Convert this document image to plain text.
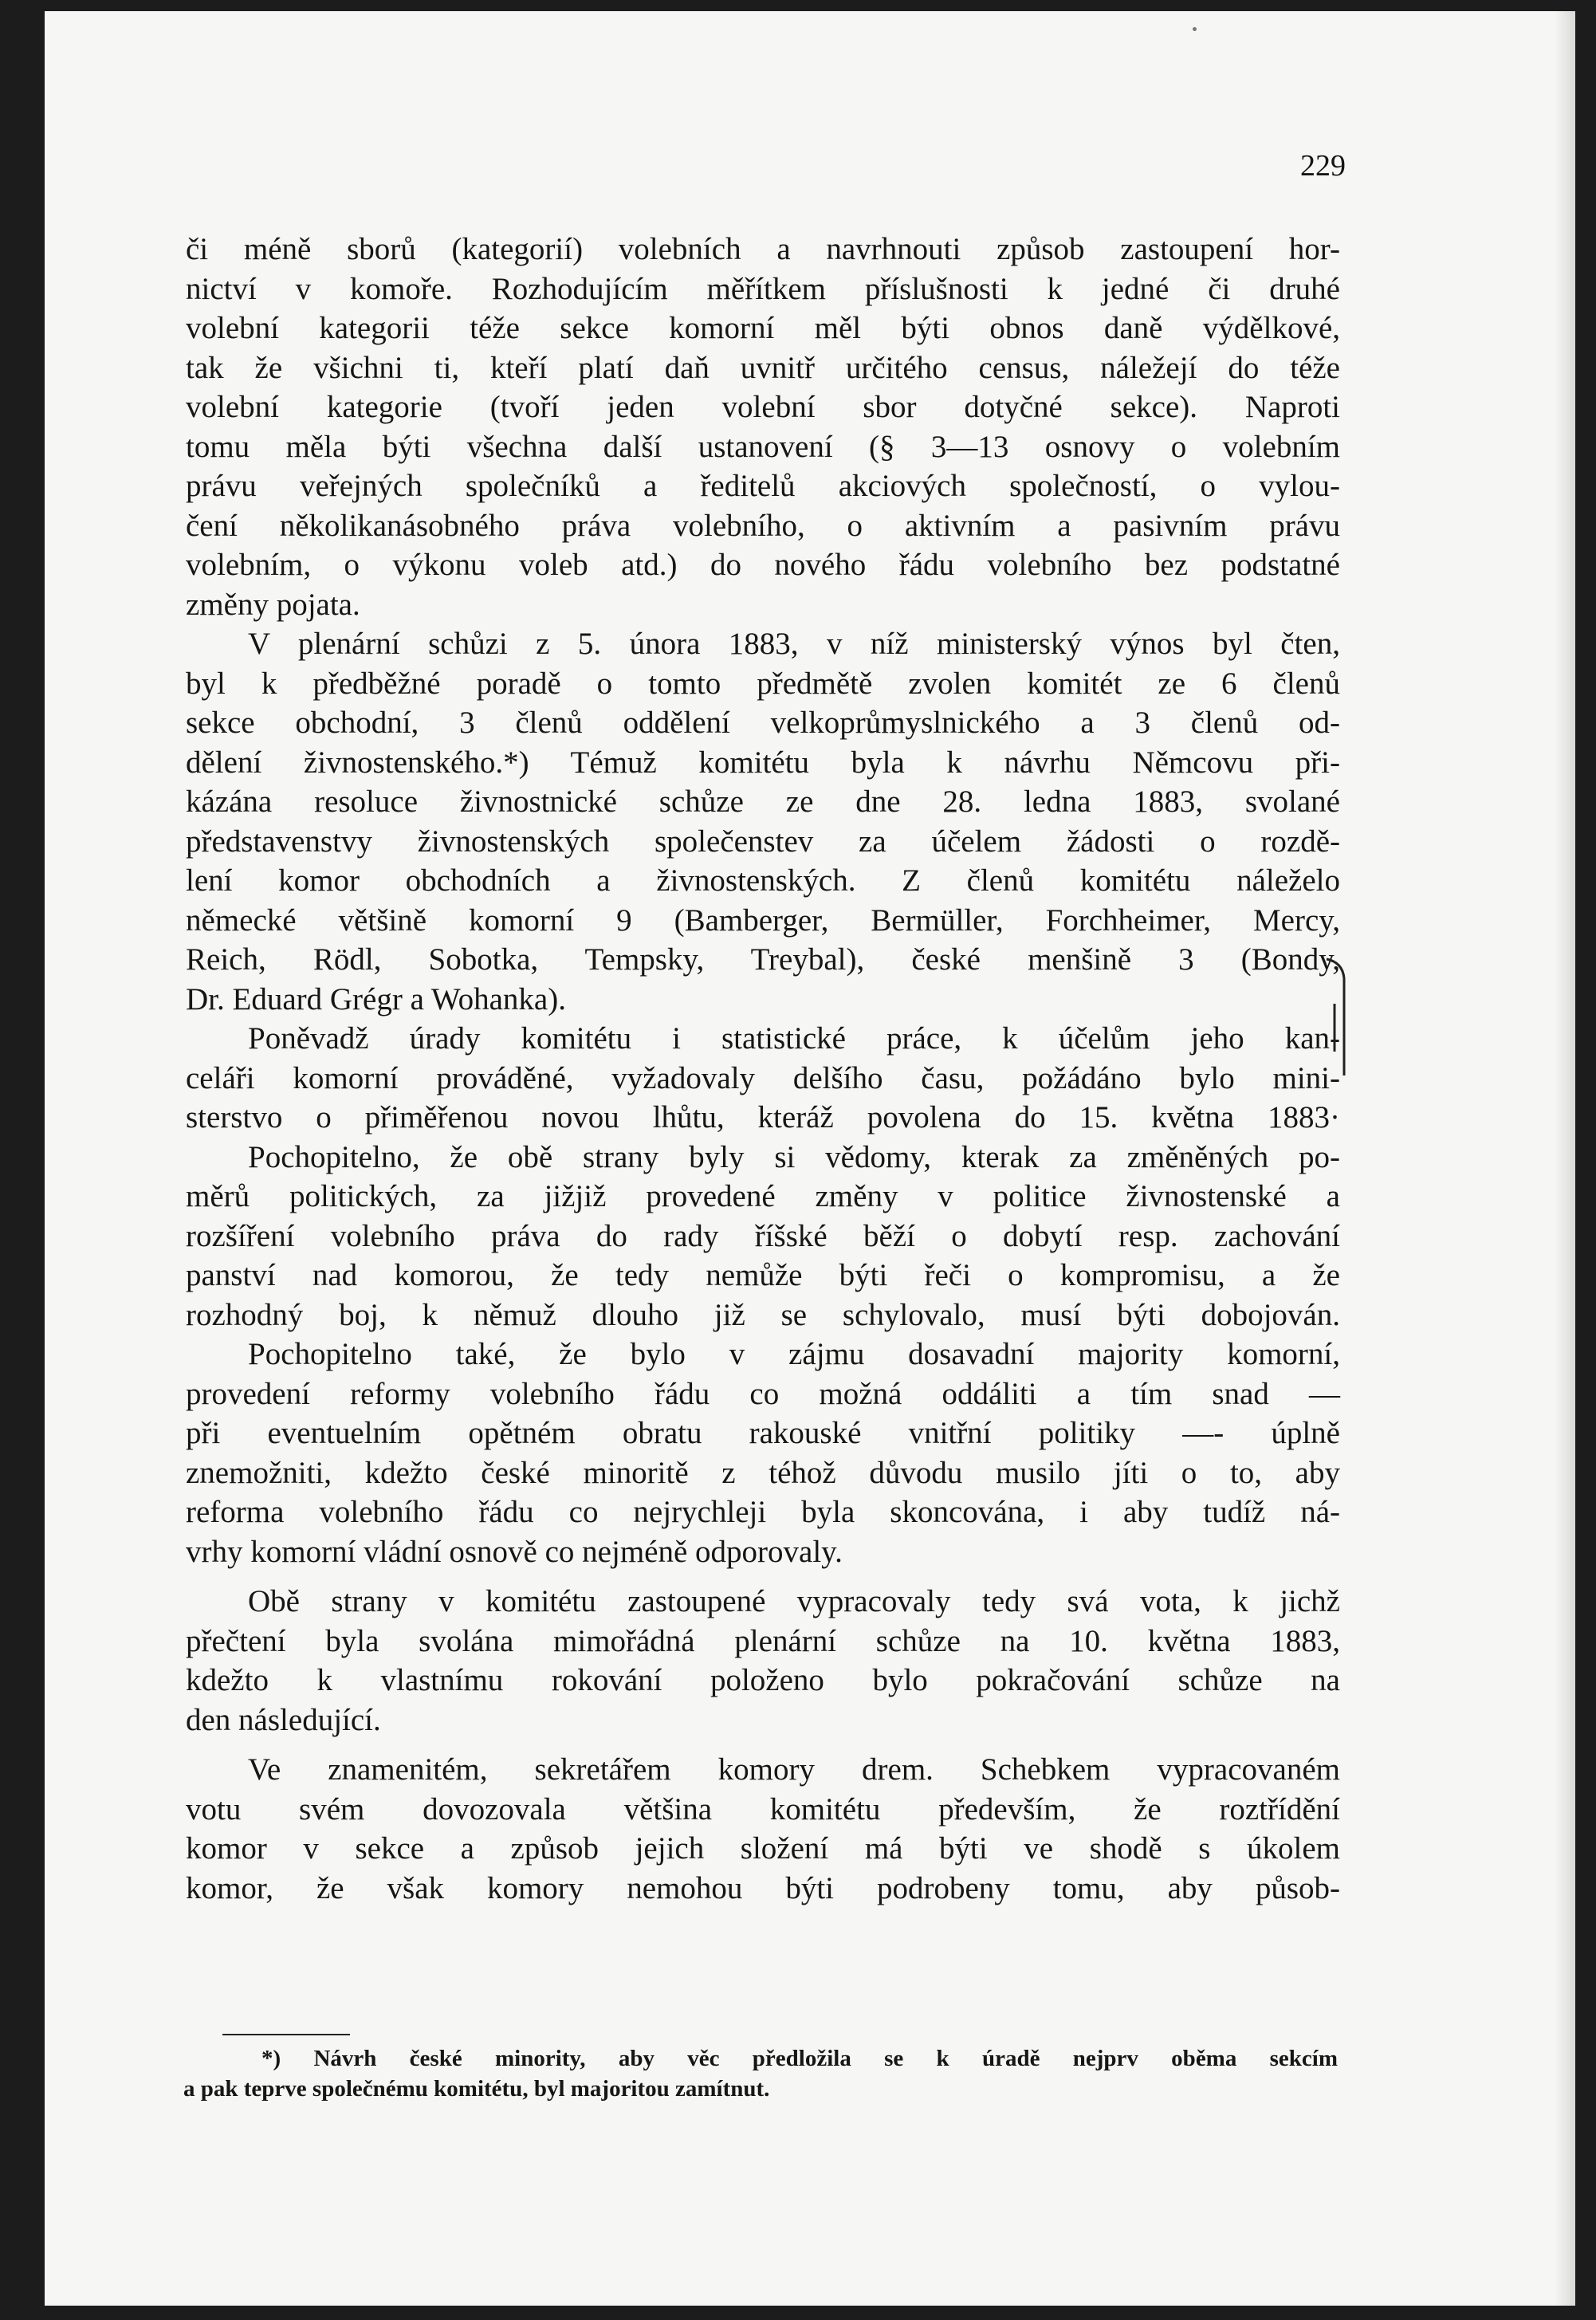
229
či méně sborů (kategorií) volebních a navrhnouti způsob zastoupení hor-
nictví v komoře. Rozhodujícím měřítkem příslušnosti k jedné či druhé
volební kategorii téže sekce komorní měl býti obnos daně výdělkové,
tak že všichni ti, kteří platí daň uvnitř určitého census, náležejí do téže
volební kategorie (tvoří jeden volební sbor dotyčné sekce). Naproti
tomu měla býti všechna další ustanovení (§ 3—13 osnovy o volebním
právu veřejných společníků a ředitelů akciových společností, o vylou-
čení několikanásobného práva volebního, o aktivním a pasivním právu
volebním, o výkonu voleb atd.) do nového řádu volebního bez podstatné
změny pojata.
V plenární schůzi z 5. února 1883, v níž ministerský výnos byl čten,
byl k předběžné poradě o tomto předmětě zvolen komitét ze 6 členů
sekce obchodní, 3 členů oddělení velkoprůmyslnického a 3 členů od-
dělení živnostenského.*) Témuž komitétu byla k návrhu Němcovu při-
kázána resoluce živnostnické schůze ze dne 28. ledna 1883, svolané
představenstvy živnostenských společenstev za účelem žádosti o rozdě-
lení komor obchodních a živnostenských. Z členů komitétu náleželo
německé většině komorní 9 (Bamberger, Bermüller, Forchheimer, Mercy,
Reich, Rödl, Sobotka, Tempsky, Treybal), české menšině 3 (Bondy,
Dr. Eduard Grégr a Wohanka).
Poněvadž úrady komitétu i statistické práce, k účelům jeho kan-
celáři komorní prováděné, vyžadovaly delšího času, požádáno bylo mini-
sterstvo o přiměřenou novou lhůtu, kteráž povolena do 15. května 1883·
Pochopitelno, že obě strany byly si vědomy, kterak za změněných po-
měrů politických, za jižjiž provedené změny v politice živnostenské a
rozšíření volebního práva do rady říšské běží o dobytí resp. zachování
panství nad komorou, že tedy nemůže býti řeči o kompromisu, a že
rozhodný boj, k němuž dlouho již se schylovalo, musí býti dobojován.
Pochopitelno také, že bylo v zájmu dosavadní majority komorní,
provedení reformy volebního řádu co možná oddáliti a tím snad —
při eventuelním opětném obratu rakouské vnitřní politiky —- úplně
znemožniti, kdežto české minoritě z téhož důvodu musilo jíti o to, aby
reforma volebního řádu co nejrychleji byla skoncována, i aby tudíž ná-
vrhy komorní vládní osnově co nejméně odporovaly.
Obě strany v komitétu zastoupené vypracovaly tedy svá vota, k jichž
přečtení byla svolána mimořádná plenární schůze na 10. května 1883,
kdežto k vlastnímu rokování položeno bylo pokračování schůze na
den následující.
Ve znamenitém, sekretářem komory drem. Schebkem vypracovaném
votu svém dovozovala většina komitétu především, že roztřídění
komor v sekce a způsob jejich složení má býti ve shodě s úkolem
komor, že však komory nemohou býti podrobeny tomu, aby působ-
*) Návrh české minority, aby věc předložila se k úradě nejprv oběma sekcím
a pak teprve společnému komitétu, byl majoritou zamítnut.
